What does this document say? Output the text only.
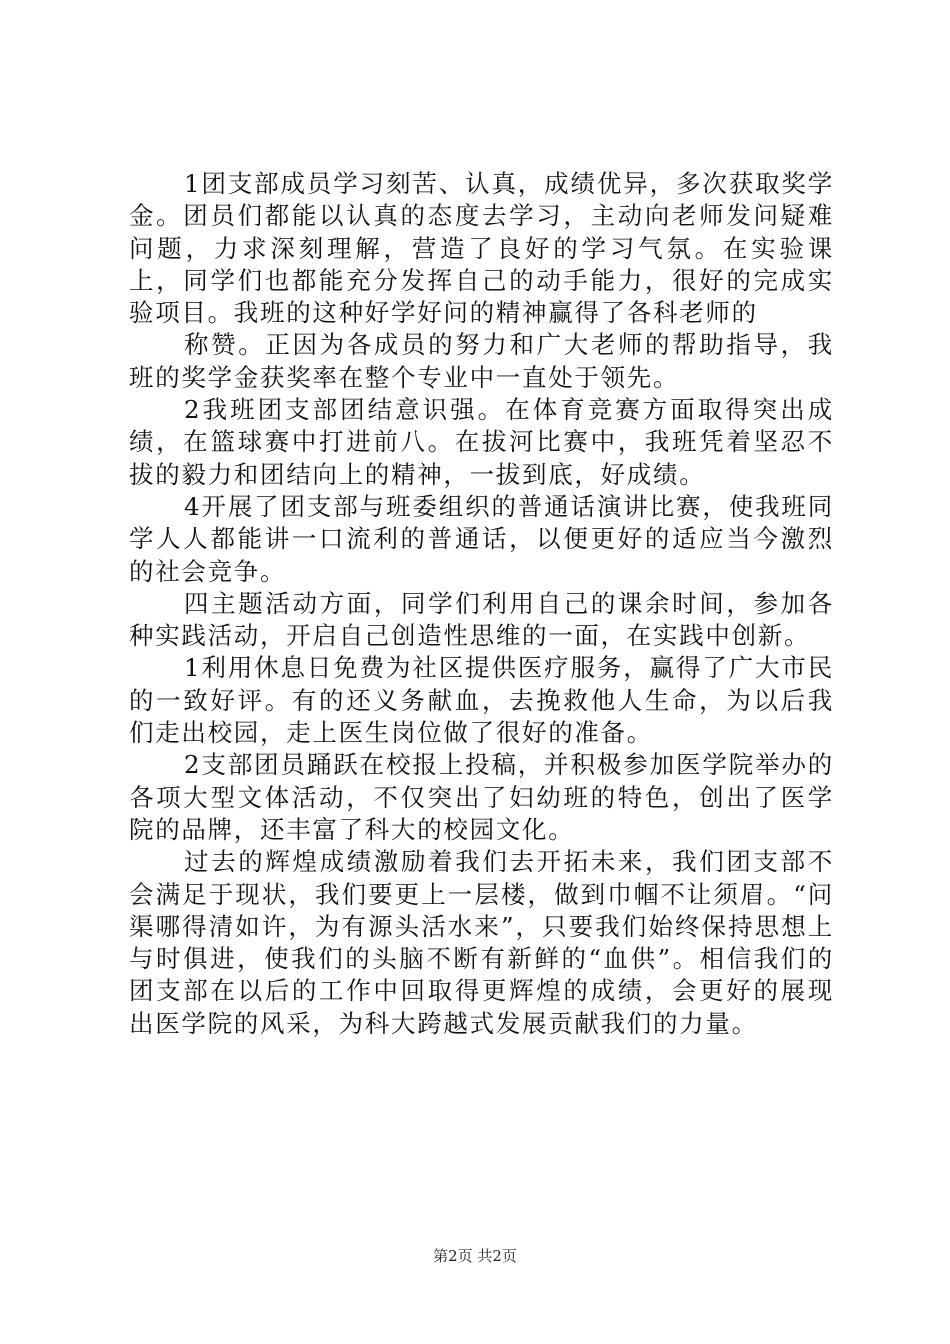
1团支部成员学习刻苦、认真，成绩优异，多次获取奖学金。团员们都能以认真的态度去学习，主动向老师发问疑难问题，力求深刻理解，营造了良好的学习气氛。在实验课上，同学们也都能充分发挥自己的动手能力，很好的完成实验项目。我班的这种好学好问的精神赢得了各科老师的

称赞。正因为各成员的努力和广大老师的帮助指导，我班的奖学金获奖率在整个专业中一直处于领先。

2我班团支部团结意识强。在体育竞赛方面取得突出成绩，在篮球赛中打进前八。在拔河比赛中，我班凭着坚忍不拔的毅力和团结向上的精神，一拔到底，好成绩。

4开展了团支部与班委组织的普通话演讲比赛，使我班同学人人都能讲一口流利的普通话，以便更好的适应当今激烈的社会竞争。

四主题活动方面，同学们利用自己的课余时间，参加各种实践活动，开启自己创造性思维的一面，在实践中创新。

1利用休息日免费为社区提供医疗服务，赢得了广大市民的一致好评。有的还义务献血，去挽救他人生命，为以后我们走出校园，走上医生岗位做了很好的准备。

2支部团员踊跃在校报上投稿，并积极参加医学院举办的各项大型文体活动，不仅突出了妇幼班的特色，创出了医学院的品牌，还丰富了科大的校园文化。

过去的辉煌成绩激励着我们去开拓未来，我们团支部不会满足于现状，我们要更上一层楼，做到巾帼不让须眉。“问渠哪得清如许，为有源头活水来”，只要我们始终保持思想上与时俱进，使我们的头脑不断有新鲜的“血供”。相信我们的团支部在以后的工作中回取得更辉煌的成绩，会更好的展现出医学院的风采，为科大跨越式发展贡献我们的力量。

第2页 共2页
